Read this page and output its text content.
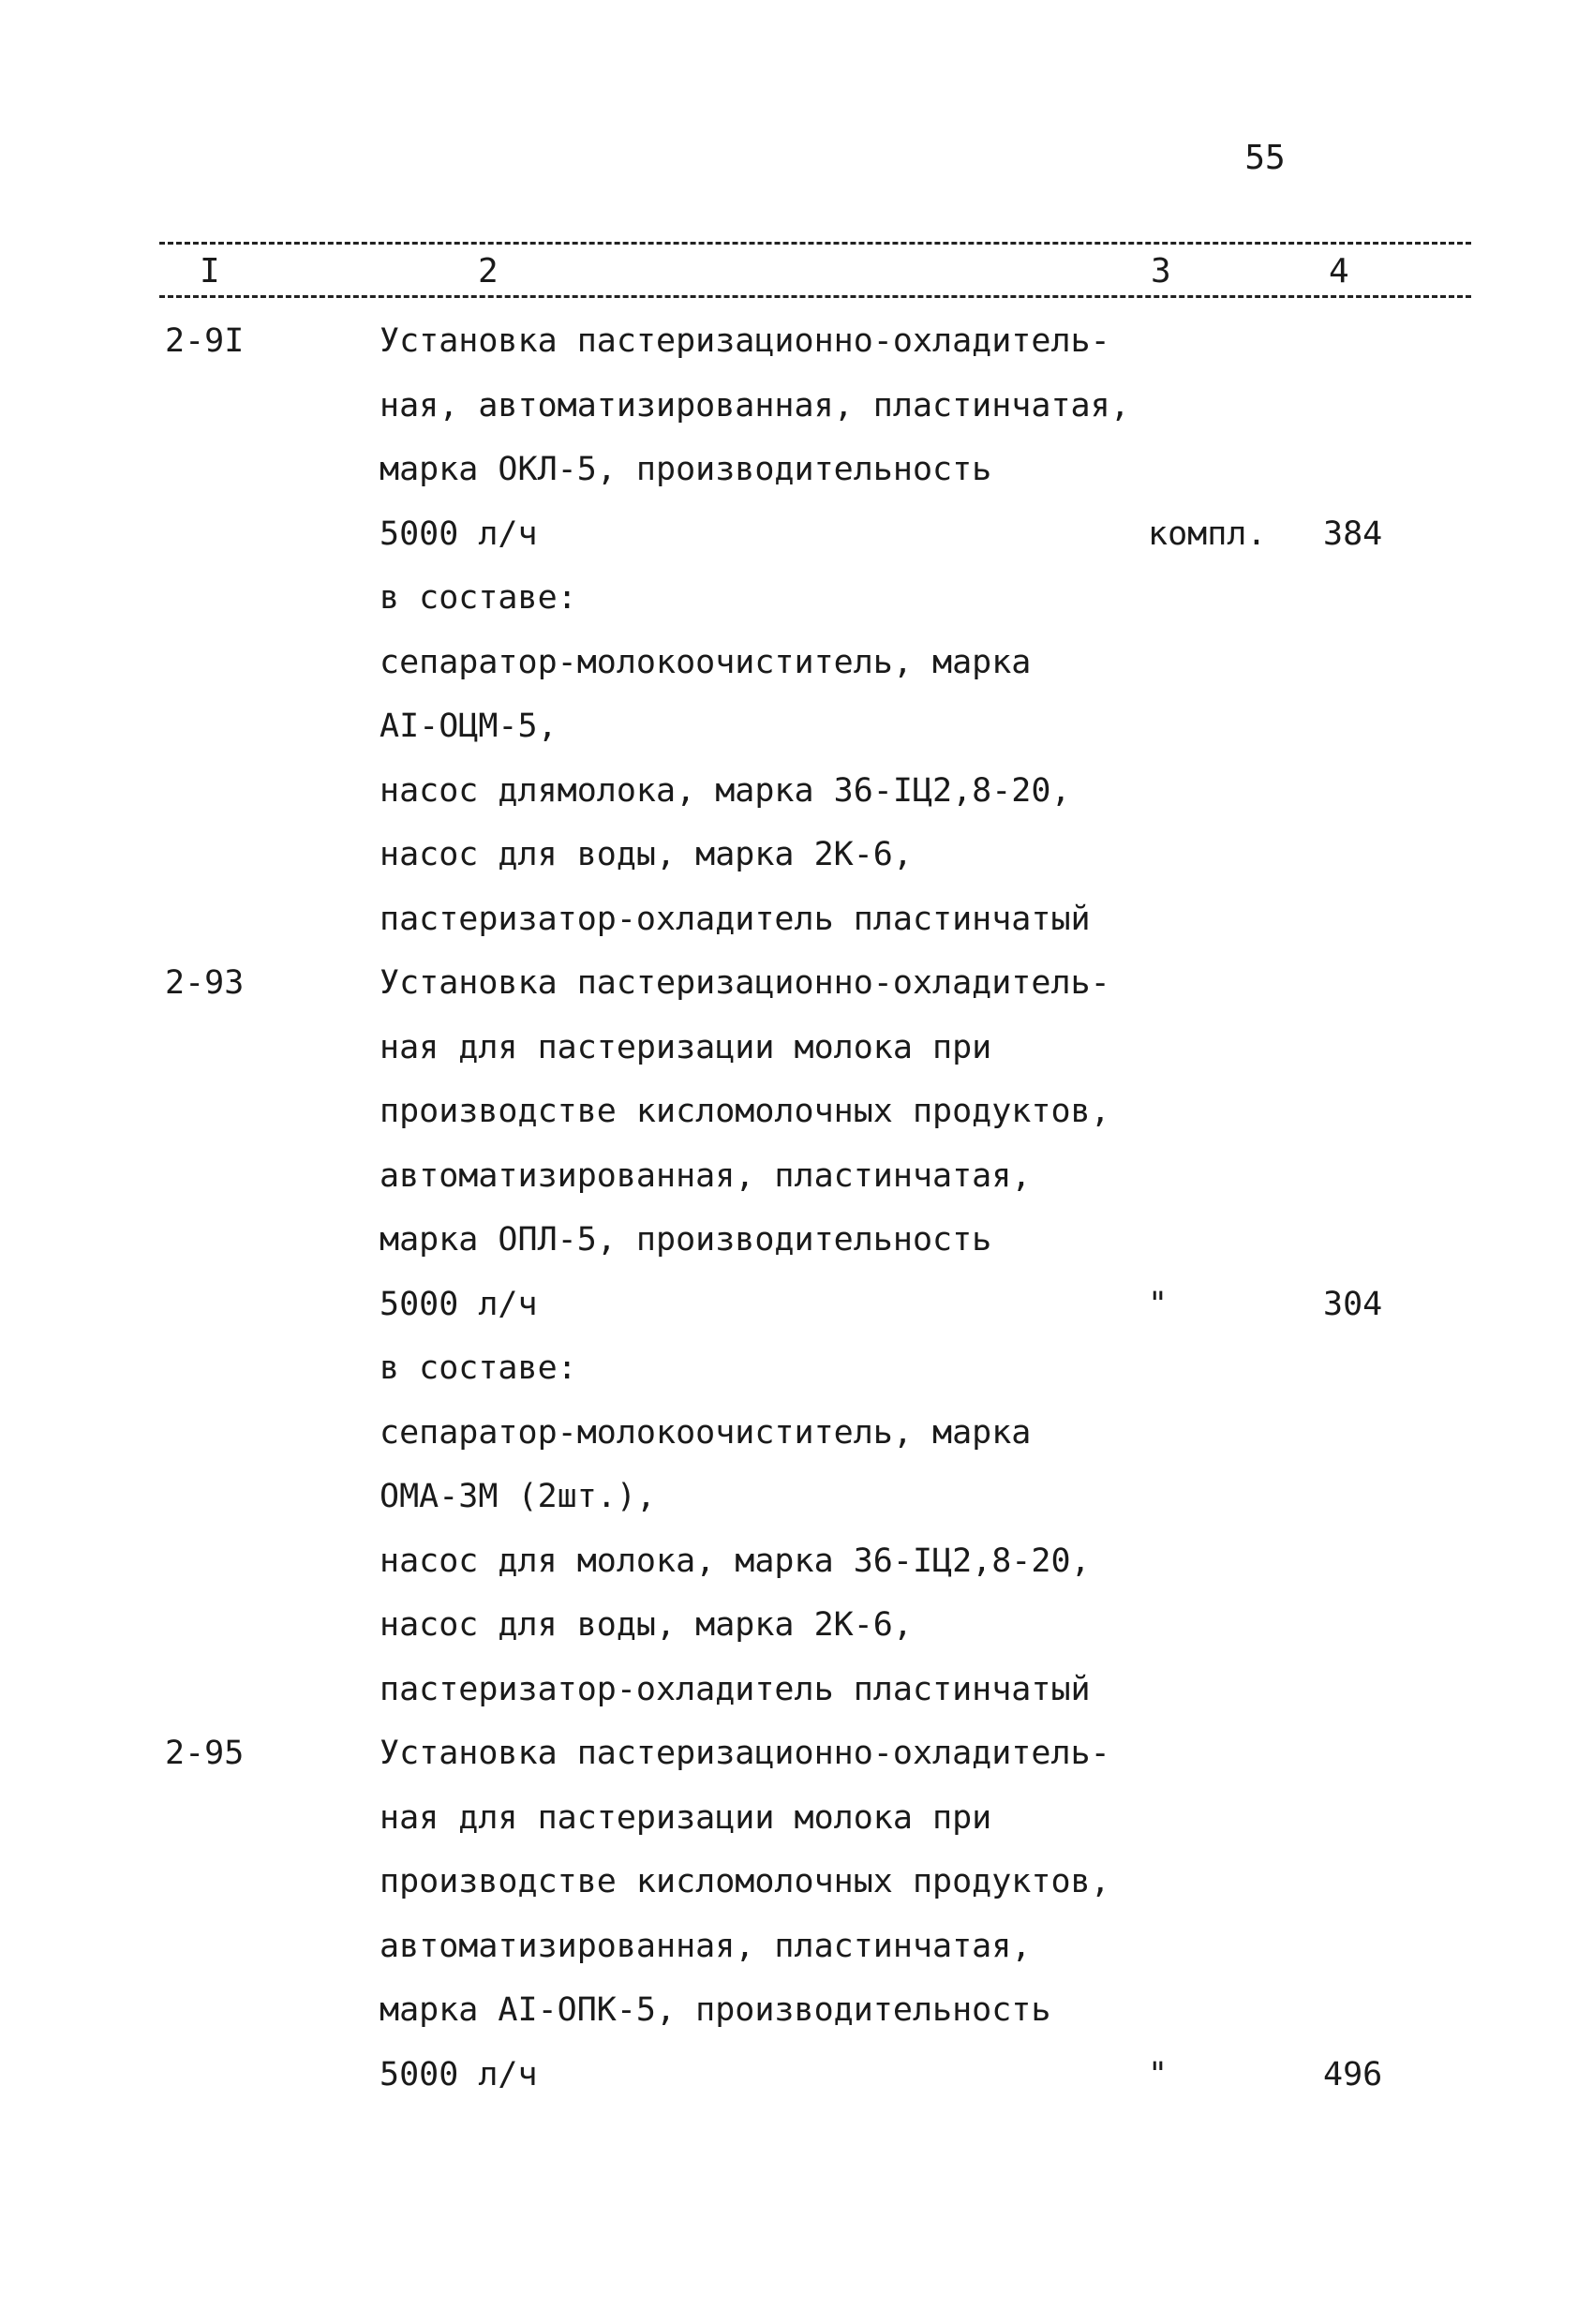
55
I	2	3	4
2-9I	Установка пастеризационно-охладитель-
ная, автоматизированная, пластинчатая,
марка ОКЛ-5, производительность
5000 л/ч	компл. 384
в составе:
сепаратор-молокоочиститель, марка
АI-ОЦМ-5,
насос длямолока, марка 36-IЦ2,8-20,
насос для воды, марка 2К-6,
пастеризатор-охладитель пластинчатый
2-93	Установка пастеризационно-охладитель-
ная для пастеризации молока при
производстве кисломолочных продуктов,
автоматизированная, пластинчатая,
марка ОПЛ-5, производительность
5000 л/ч	"	304
в составе:
сепаратор-молокоочиститель, марка
ОМА-3М (2шт.),
насос для молока, марка 36-IЦ2,8-20,
насос для воды, марка 2К-6,
пастеризатор-охладитель пластинчатый
2-95	Установка пастеризационно-охладитель-
ная для пастеризации молока при
производстве кисломолочных продуктов,
автоматизированная, пластинчатая,
марка АI-ОПК-5, производительность
5000 л/ч	"	496
